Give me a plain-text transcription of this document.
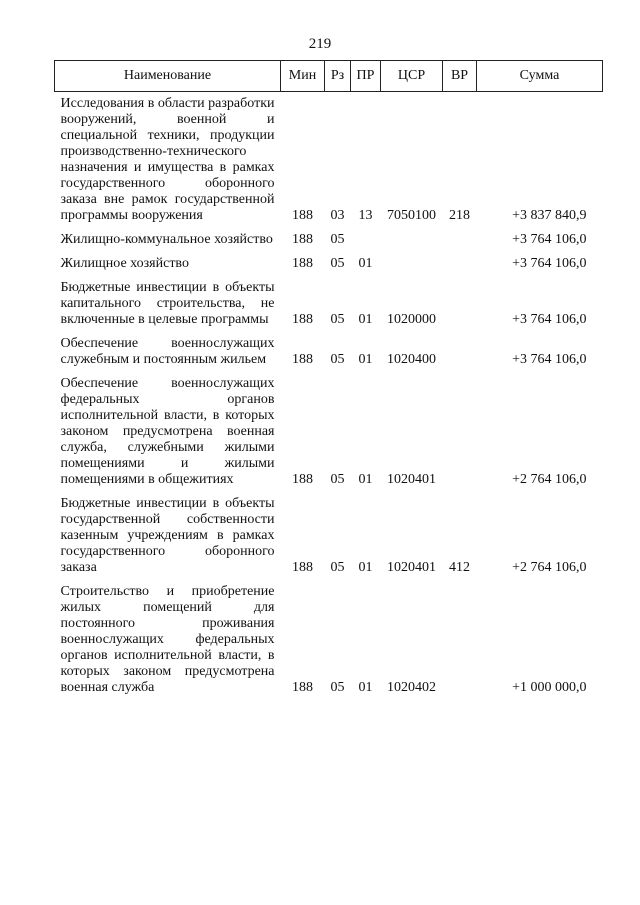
219
Наименование	Мин	Рз	ПР	ЦСР	ВР	Сумма
Исследования в области разработки вооружений, военной и специальной техники, продукции производственно-технического назначения и имущества в рамках государственного оборонного заказа вне рамок государственной программы вооружения	188	03	13	7050100	218	+3 837 840,9
Жилищно-коммунальное хозяйство	188	05				+3 764 106,0
Жилищное хозяйство	188	05	01			+3 764 106,0
Бюджетные инвестиции в объекты капитального строительства, не включенные в целевые программы	188	05	01	1020000		+3 764 106,0
Обеспечение военнослужащих служебным и постоянным жильем	188	05	01	1020400		+3 764 106,0
Обеспечение военнослужащих федеральных органов исполнительной власти, в которых законом предусмотрена военная служба, служебными жилыми помещениями и жилыми помещениями в общежитиях	188	05	01	1020401		+2 764 106,0
Бюджетные инвестиции в объекты государственной собственности казенным учреждениям в рамках государственного оборонного заказа	188	05	01	1020401	412	+2 764 106,0
Строительство и приобретение жилых помещений для постоянного проживания военнослужащих федеральных органов исполнительной власти, в которых законом предусмотрена военная служба	188	05	01	1020402		+1 000 000,0
